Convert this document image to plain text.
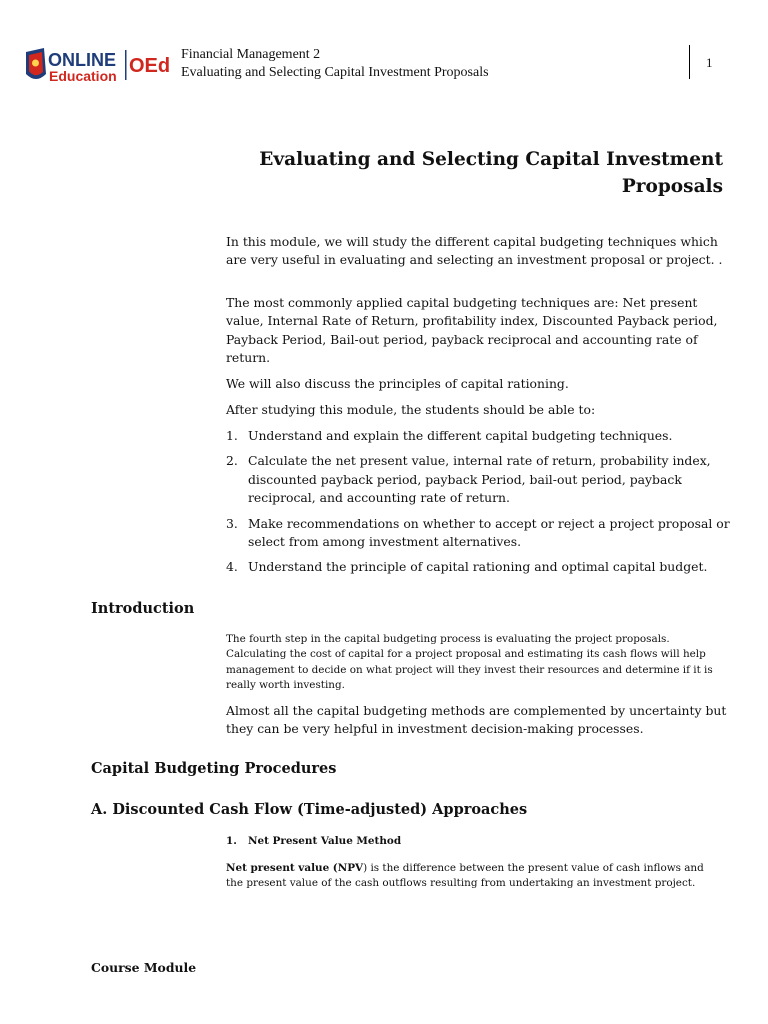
ONLINE
Education OEd
Financial Management 2
Evaluating and Selecting Capital Investment Proposals
1
Evaluating and Selecting Capital Investment
Proposals

In this module, we will study the different capital budgeting techniques which are very useful in evaluating and selecting an investment proposal or project. .

The most commonly applied capital budgeting techniques are: Net present value, Internal Rate of Return, profitability index, Discounted Payback period, Payback Period, Bail-out period, payback reciprocal and accounting rate of return.

We will also discuss the principles of capital rationing.

After studying this module, the students should be able to:

1. Understand and explain the different capital budgeting techniques.
2. Calculate the net present value, internal rate of return, probability index, discounted payback period, payback Period, bail-out period, payback reciprocal, and accounting rate of return.
3. Make recommendations on whether to accept or reject a project proposal or select from among investment alternatives.
4. Understand the principle of capital rationing and optimal capital budget.
Introduction

The fourth step in the capital budgeting process is evaluating the project proposals. Calculating the cost of capital for a project proposal and estimating its cash flows will help management to decide on what project will they invest their resources and determine if it is really worth investing.

Almost all the capital budgeting methods are complemented by uncertainty but they can be very helpful in investment decision-making processes.

Capital Budgeting Procedures
A. Discounted Cash Flow (Time-adjusted) Approaches
1. Net Present Value Method

Net present value (NPV) is the difference between the present value of cash inflows and the present value of the cash outflows resulting from undertaking an investment project.

Course Module
